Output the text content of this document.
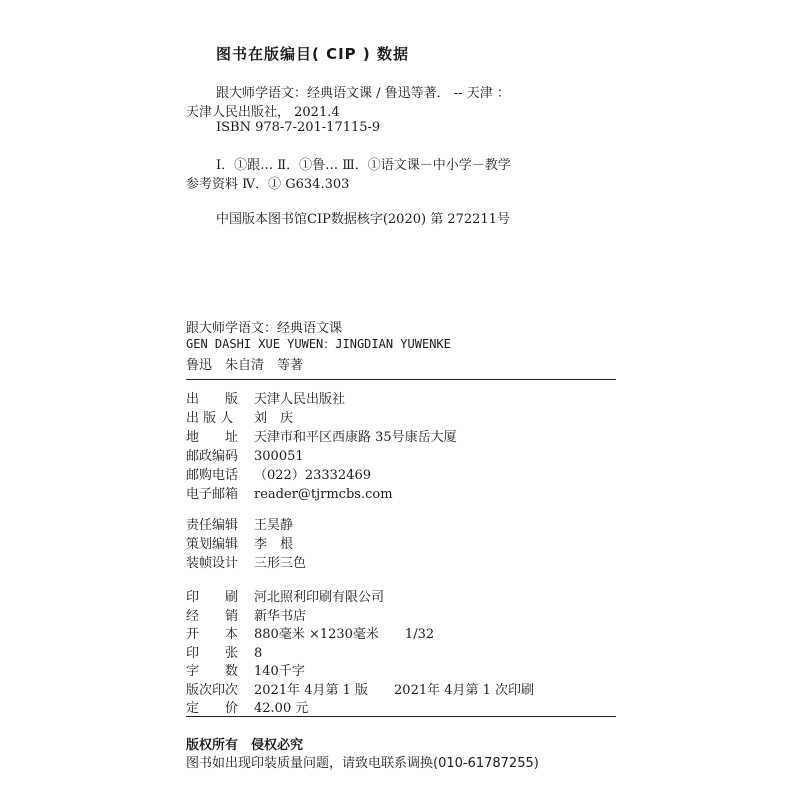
图书在版编目( CIP ) 数据
跟大师学语文：经典语文课 / 鲁迅等著． -- 天津 ：
天津人民出版社， 2021.4
ISBN 978-7-201-17115-9
Ⅰ．①跟… Ⅱ．①鲁… Ⅲ．①语文课－中小学－教学
参考资料 Ⅳ．① G634.303
中国版本图书馆CIP数据核字(2020) 第 272211号
跟大师学语文：经典语文课
GEN DASHI XUE YUWEN：JINGDIAN YUWENKE
鲁迅　朱自清　等著
出　　版 天津人民出版社
出 版 人 刘　庆
地　　址 天津市和平区西康路 35号康岳大厦
邮政编码 300051
邮购电话 （022）23332469
电子邮箱 reader@tjrmcbs.com
责任编辑 王昊静
策划编辑 李　根
装帧设计 三形三色
印　　刷 河北照利印刷有限公司
经　　销 新华书店
开　　本 880毫米 ×1230毫米　　1/32
印　　张 8
字　　数 140千字
版次印次 2021年 4月第 1 版　　2021年 4月第 1 次印刷
定　　价 42.00 元
版权所有　侵权必究
图书如出现印装质量问题，请致电联系调换(010-61787255)
